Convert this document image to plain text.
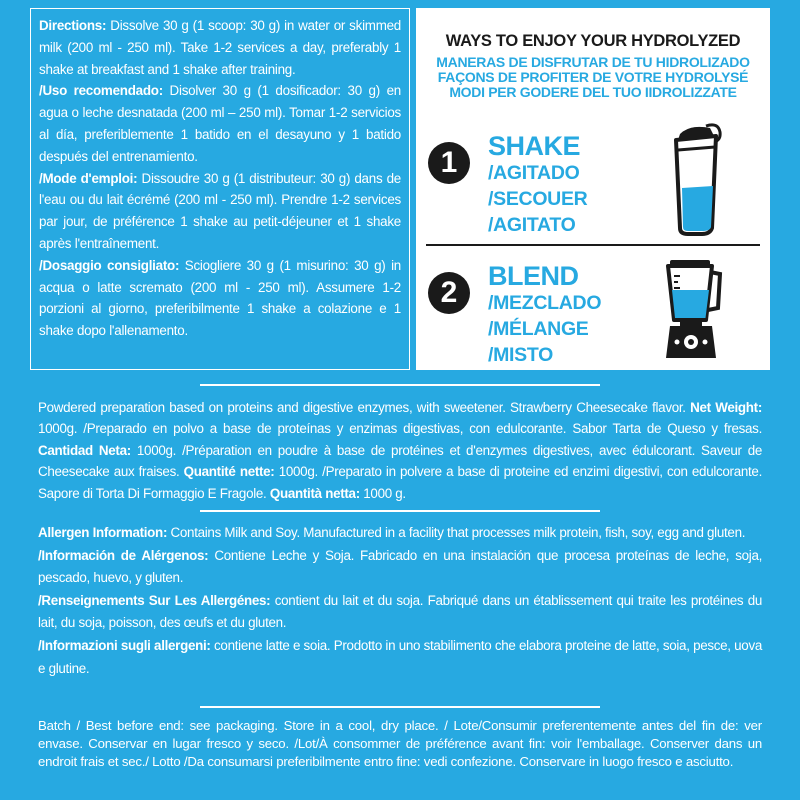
Directions: Dissolve 30 g (1 scoop: 30 g) in water or skimmed milk (200 ml - 250 ml). Take 1-2 services a day, preferably 1 shake at breakfast and 1 shake after training.

/Uso recomendado: Disolver 30 g (1 dosificador: 30 g) en agua o leche desnatada (200 ml – 250 ml). Tomar 1-2 servicios al día, preferiblemente 1 batido en el desayuno y 1 batido después del entrenamiento.

/Mode d'emploi: Dissoudre 30 g (1 distributeur: 30 g) dans de l'eau ou du lait écrémé (200 ml - 250 ml). Prendre 1-2 services par jour, de préférence 1 shake au petit-déjeuner et 1 shake après l'entraînement.

/Dosaggio consigliato: Sciogliere 30 g (1 misurino: 30 g) in acqua o latte scremato (200 ml - 250 ml). Assumere 1-2 porzioni al giorno, preferibilmente 1 shake a colazione e 1 shake dopo l'allenamento.

WAYS TO ENJOY YOUR HYDROLYZED
MANERAS DE DISFRUTAR DE TU HIDROLIZADO
FAÇONS DE PROFITER DE VOTRE HYDROLYSÉ
MODI PER GODERE DEL TUO IIDROLIZZATE
1	SHAKE
/AGITADO
/SECOUER
/AGITATO
2	BLEND
/MEZCLADO
/MÉLANGE
/MISTO

Powdered preparation based on proteins and digestive enzymes, with sweetener. Strawberry Cheesecake flavor. Net Weight: 1000g. /Preparado en polvo a base de proteínas y enzimas digestivas, con edulcorante. Sabor Tarta de Queso y fresas. Cantidad Neta: 1000g. /Préparation en poudre à base de protéines et d'enzymes digestives, avec édulcorant. Saveur de Cheesecake aux fraises. Quantité nette: 1000g. /Preparato in polvere a base di proteine ed enzimi digestivi, con edulcorante. Sapore di Torta Di Formaggio E Fragole. Quantità netta: 1000 g.

Allergen Information: Contains Milk and Soy. Manufactured in a facility that processes milk protein, fish, soy, egg and gluten.

/Información de Alérgenos: Contiene Leche y Soja. Fabricado en una instalación que procesa proteínas de leche, soja, pescado, huevo, y gluten.

/Renseignements Sur Les Allergénes: contient du lait et du soja. Fabriqué dans un établissement qui traite les protéines du lait, du soja, poisson, des œufs et du gluten.

/Informazioni sugli allergeni: contiene latte e soia. Prodotto in uno stabilimento che elabora proteine de latte, soia, pesce, uova e glutine.

Batch / Best before end: see packaging. Store in a cool, dry place. / Lote/Consumir preferentemente antes del fin de: ver envase. Conservar en lugar fresco y seco. /Lot/À consommer de préférence avant fin: voir l'emballage. Conserver dans un endroit frais et sec./ Lotto /Da consumarsi preferibilmente entro fine: vedi confezione. Conservare in luogo fresco e asciutto.
